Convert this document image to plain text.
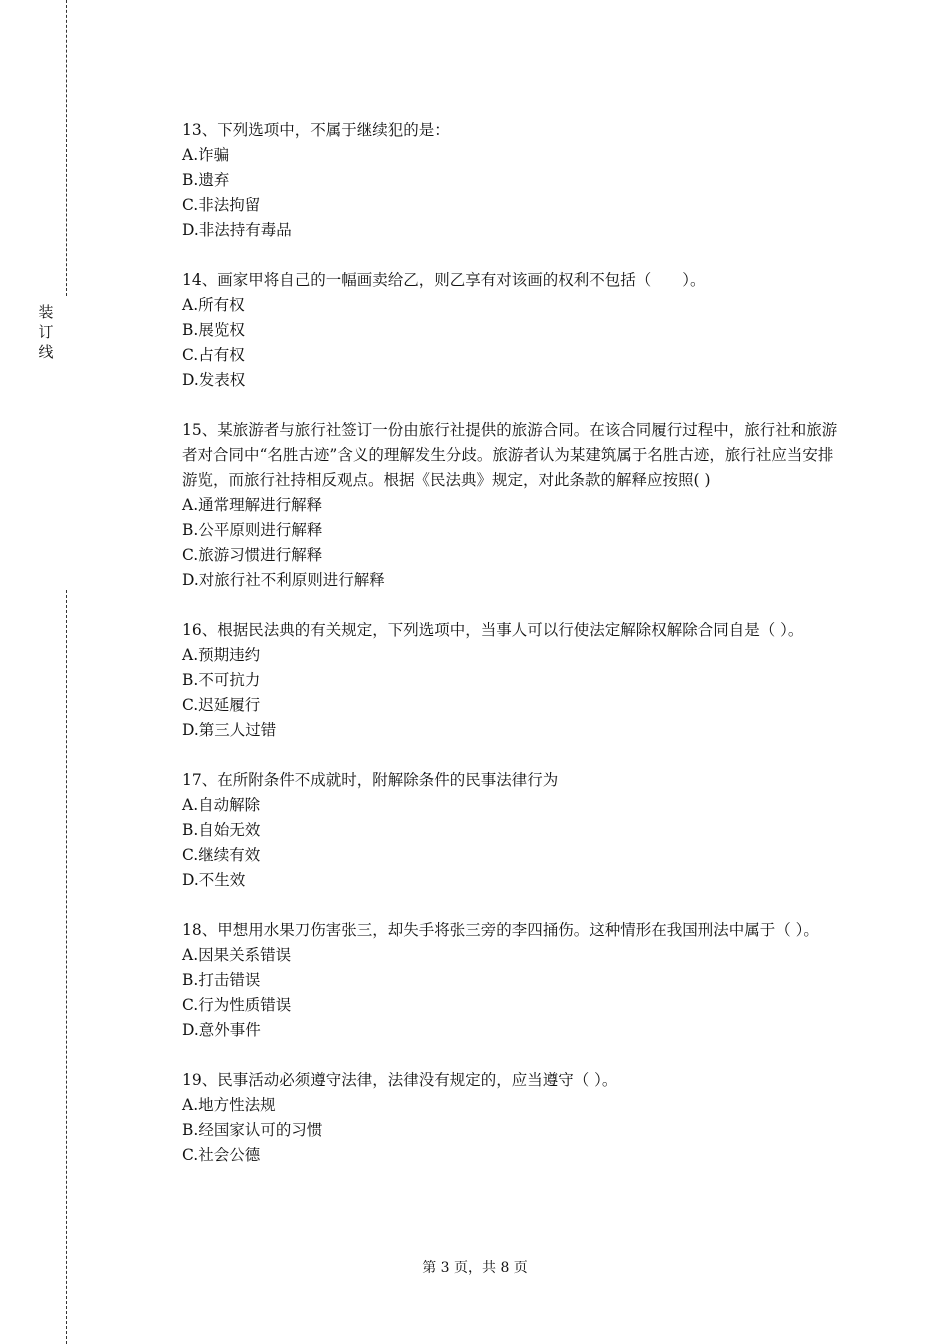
装订线

13、下列选项中，不属于继续犯的是：

A.诈骗

B.遗弃

C.非法拘留

D.非法持有毒品

14、画家甲将自己的一幅画卖给乙，则乙享有对该画的权利不包括（　　）。

A.所有权

B.展览权

C.占有权

D.发表权

15、某旅游者与旅行社签订一份由旅行社提供的旅游合同。在该合同履行过程中，旅行社和旅游者对合同中“名胜古迹”含义的理解发生分歧。旅游者认为某建筑属于名胜古迹，旅行社应当安排游览，而旅行社持相反观点。根据《民法典》规定，对此条款的解释应按照( )

A.通常理解进行解释

B.公平原则进行解释

C.旅游习惯进行解释

D.对旅行社不利原则进行解释

16、根据民法典的有关规定，下列选项中，当事人可以行使法定解除权解除合同自是（ ）。

A.预期违约

B.不可抗力

C.迟延履行

D.第三人过错

17、在所附条件不成就时，附解除条件的民事法律行为

A.自动解除

B.自始无效

C.继续有效

D.不生效

18、甲想用水果刀伤害张三，却失手将张三旁的李四捅伤。这种情形在我国刑法中属于（ ）。

A.因果关系错误

B.打击错误

C.行为性质错误

D.意外事件

19、民事活动必须遵守法律，法律没有规定的，应当遵守（ ）。

A.地方性法规

B.经国家认可的习惯

C.社会公德

第 3 页，共 8 页
